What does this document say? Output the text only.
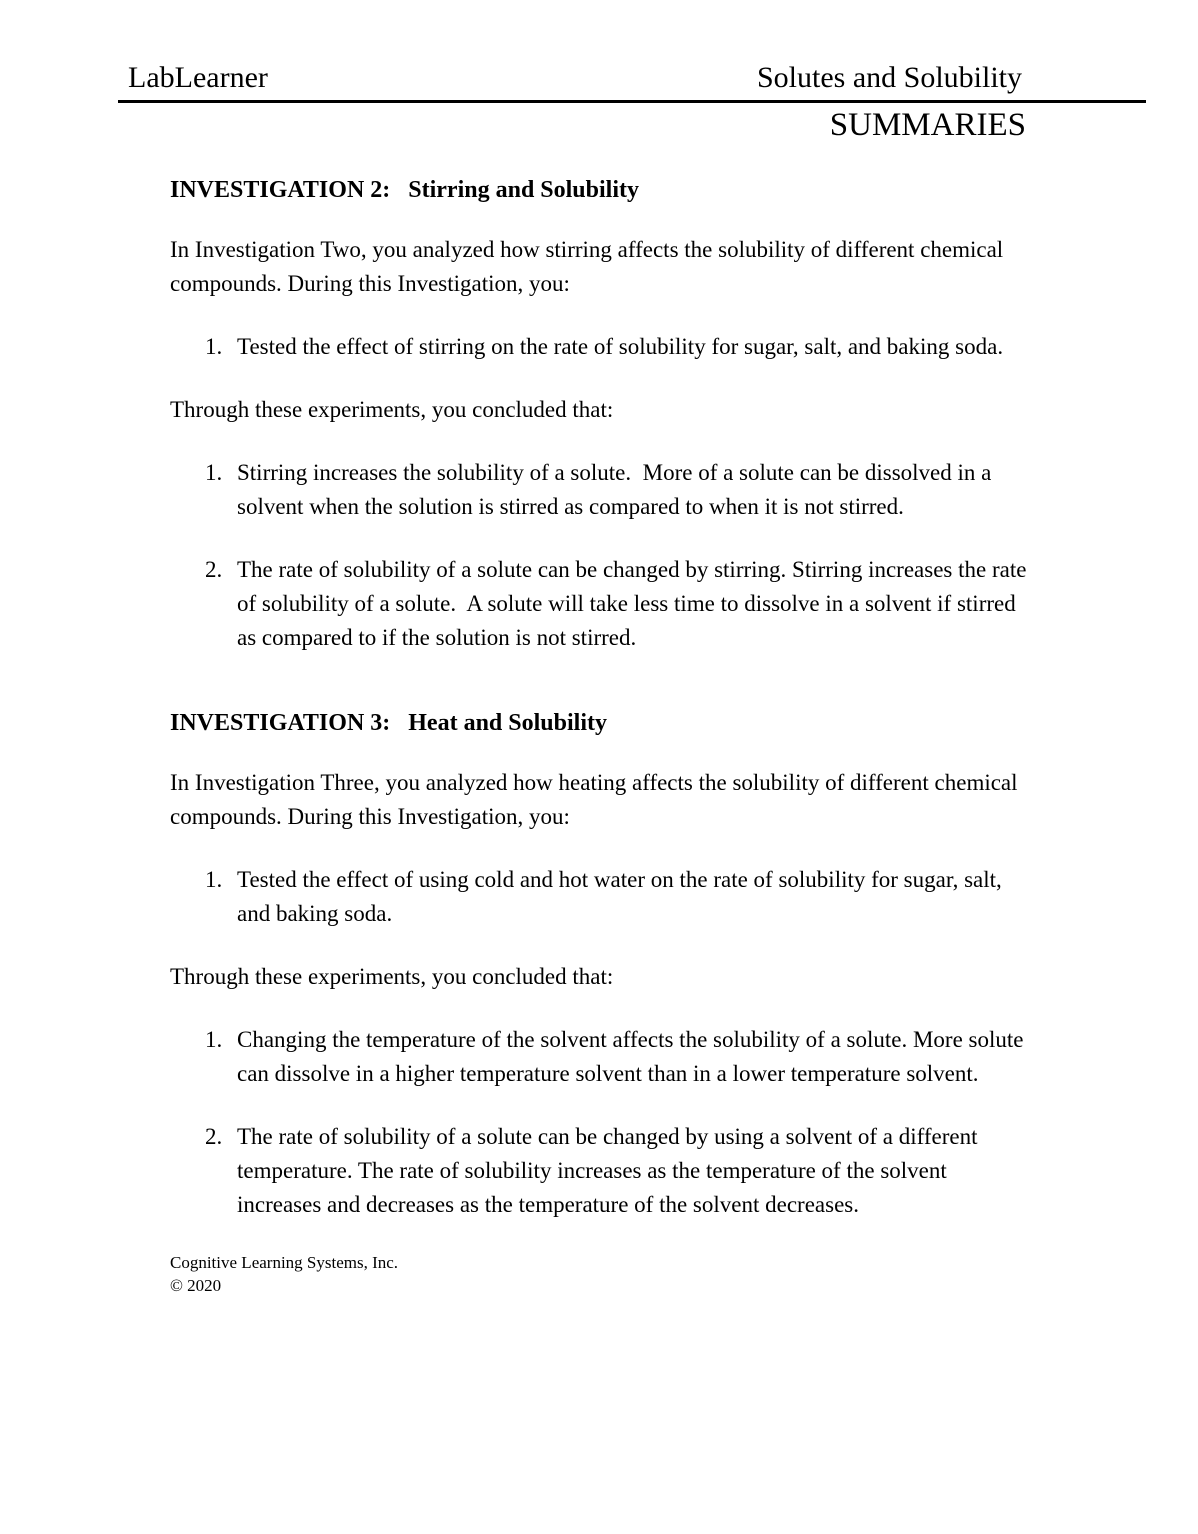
LabLearner	Solutes and Solubility
SUMMARIES
INVESTIGATION 2: Stirring and Solubility

In Investigation Two, you analyzed how stirring affects the solubility of different chemical compounds. During this Investigation, you:

1. Tested the effect of stirring on the rate of solubility for sugar, salt, and baking soda.

Through these experiments, you concluded that:

1. Stirring increases the solubility of a solute.  More of a solute can be dissolved in a solvent when the solution is stirred as compared to when it is not stirred.
2. The rate of solubility of a solute can be changed by stirring. Stirring increases the rate of solubility of a solute.  A solute will take less time to dissolve in a solvent if stirred as compared to if the solution is not stirred.
INVESTIGATION 3: Heat and Solubility

In Investigation Three, you analyzed how heating affects the solubility of different chemical compounds. During this Investigation, you:

1. Tested the effect of using cold and hot water on the rate of solubility for sugar, salt, and baking soda.

Through these experiments, you concluded that:

1. Changing the temperature of the solvent affects the solubility of a solute. More solute can dissolve in a higher temperature solvent than in a lower temperature solvent.
2. The rate of solubility of a solute can be changed by using a solvent of a different temperature. The rate of solubility increases as the temperature of the solvent increases and decreases as the temperature of the solvent decreases.
Cognitive Learning Systems, Inc.
© 2020
